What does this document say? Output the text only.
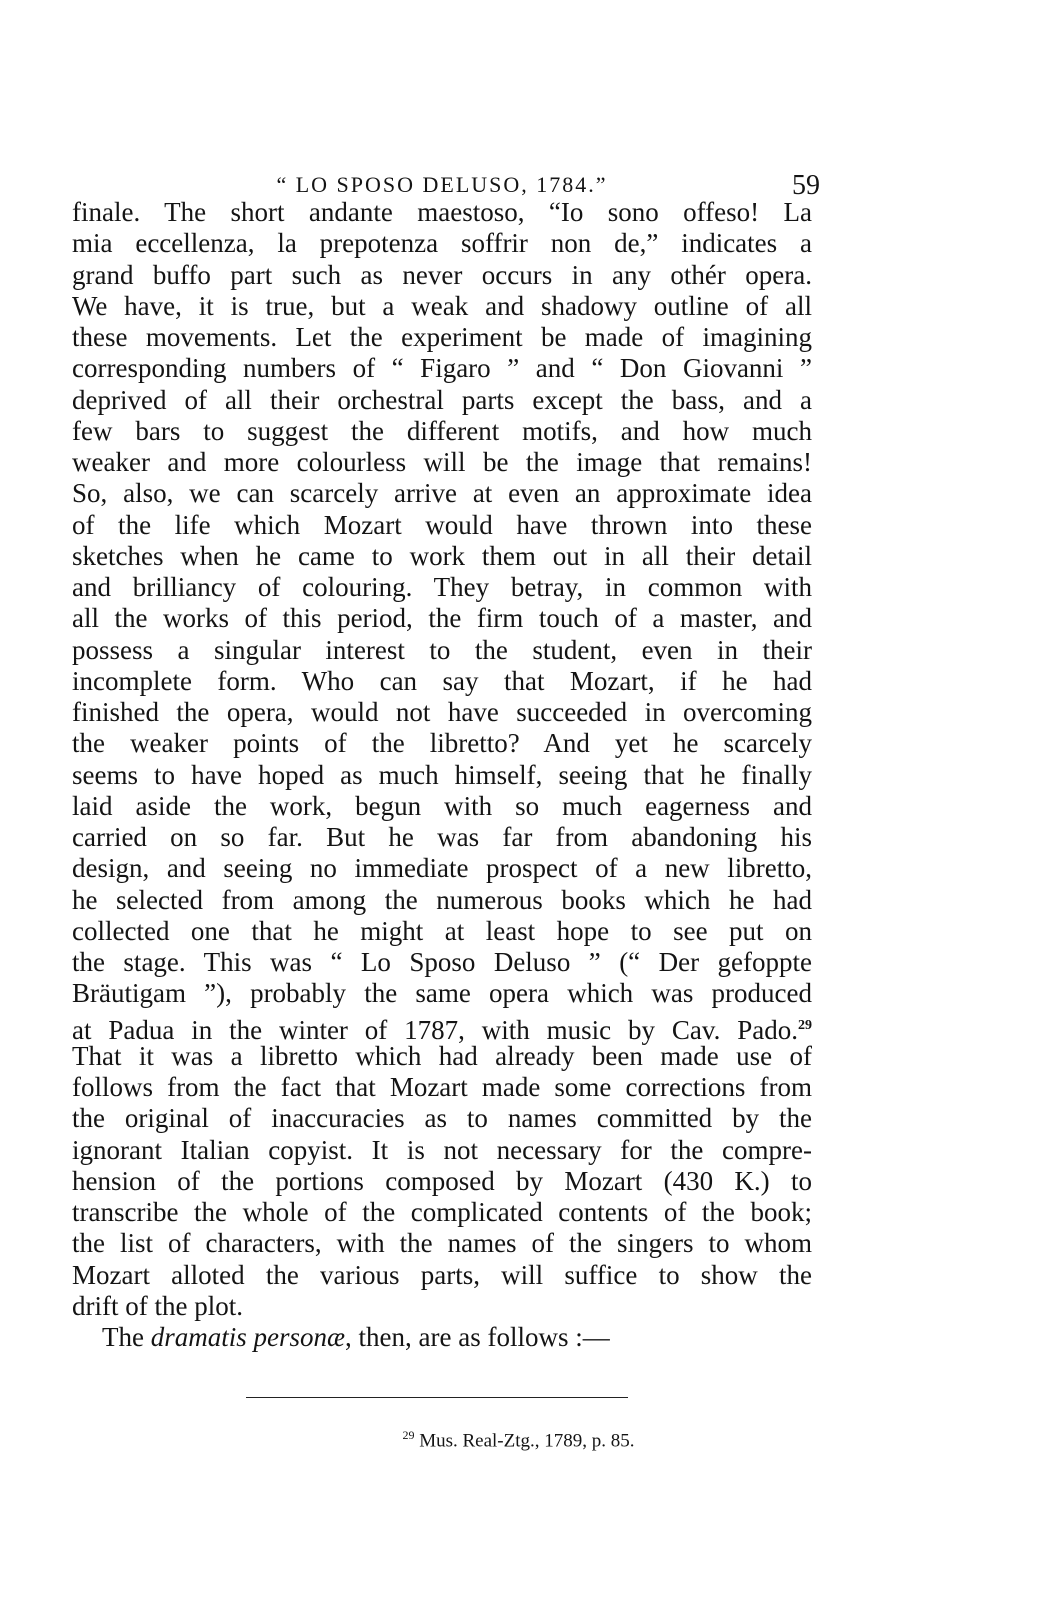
“ LO SPOSO DELUSO, 1784.”	59
finale. The short andante maestoso, “Io sono offeso! La
mia eccellenza, la prepotenza soffrir non de,” indicates a
grand buffo part such as never occurs in any othér opera.
We have, it is true, but a weak and shadowy outline of all
these movements. Let the experiment be made of imagining
corresponding numbers of “ Figaro ” and “ Don Giovanni ”
deprived of all their orchestral parts except the bass, and a
few bars to suggest the different motifs, and how much
weaker and more colourless will be the image that remains!
So, also, we can scarcely arrive at even an approximate idea
of the life which Mozart would have thrown into these
sketches when he came to work them out in all their detail
and brilliancy of colouring. They betray, in common with
all the works of this period, the firm touch of a master, and
possess a singular interest to the student, even in their
incomplete form. Who can say that Mozart, if he had
finished the opera, would not have succeeded in overcoming
the weaker points of the libretto? And yet he scarcely
seems to have hoped as much himself, seeing that he finally
laid aside the work, begun with so much eagerness and
carried on so far. But he was far from abandoning his
design, and seeing no immediate prospect of a new libretto,
he selected from among the numerous books which he had
collected one that he might at least hope to see put on
the stage. This was “ Lo Sposo Deluso ” (“ Der gefoppte
Bräutigam ”), probably the same opera which was produced
at Padua in the winter of 1787, with music by Cav. Pado.$^{29}$
That it was a libretto which had already been made use of
follows from the fact that Mozart made some corrections from
the original of inaccuracies as to names committed by the
ignorant Italian copyist. It is not necessary for the compre-
hension of the portions composed by Mozart (430 K.) to
transcribe the whole of the complicated contents of the book;
the list of characters, with the names of the singers to whom
Mozart alloted the various parts, will suffice to show the
drift of the plot.
The dramatis personæ, then, are as follows :—
$^{29}$ Mus. Real-Ztg., 1789, p. 85.
